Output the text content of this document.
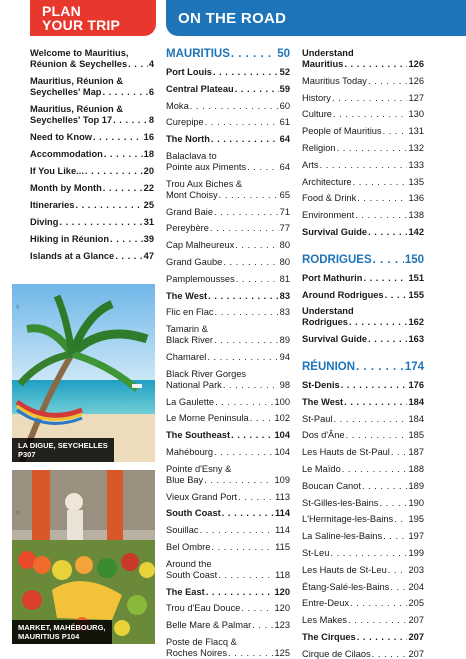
PLAN
YOUR TRIP	ON THE ROAD
Welcome to Mauritius,
Réunion & Seychelles . . . 4
Mauritius, Réunion &
Seychelles' Map . . .	6
Mauritius, Réunion &
Seychelles' Top 17 . . .	8
Need to Know . . .	16
Accommodation . . .	18
If You Like... . . .	20
Month by Month . . .	22
Itineraries . . .	25
Diving . . .	31
Hiking in Réunion . . .	39
Islands at a Glance . . .	47
©
LA DIGUE, SEYCHELLES
P307
©
MARKET, MAHÉBOURG,
MAURITIUS P104
MAURITIUS . . .	50
Port Louis . . .	52
Central Plateau . . .	59
Moka . . .	60
Curepipe . . .	61
The North . . .	64
Balaclava to
Pointe aux Piments . . .	64
Trou Aux Biches &
Mont Choisy . . .	65
Grand Baie . . .	71
Pereybère . . .	77
Cap Malheureux . . .	80
Grand Gaube . . .	80
Pamplemousses . . .	81
The West . . .	83
Flic en Flac . . .	83
Tamarin &
Black River . . .	89
Chamarel . . .	94
Black River Gorges
National Park . . .	98
La Gaulette . . .	100
Le Morne Peninsula . . .	102
The Southeast . . .	104
Mahébourg . . .	104
Pointe d'Esny &
Blue Bay . . .	109
Vieux Grand Port . . .	113
South Coast . . .	114
Souillac . . .	114
Bel Ombre . . .	115
Around the
South Coast . . .	118
The East . . .	120
Trou d'Eau Douce . . .	120
Belle Mare & Palmar . . . 123
Poste de Flacq &
Roches Noires . . .	125
Understand
Mauritius . . .	126
Mauritius Today . . .	126
History . . .	127
Culture . . .	130
People of Mauritius . . .	131
Religion . . .	132
Arts . . .	133
Architecture . . .	135
Food & Drink . . .	136
Environment . . .	138
Survival Guide . . .	142
RODRIGUES . . .	150
Port Mathurin . . .	151
Around Rodrigues . . .	155
Understand
Rodrigues . . .	162
Survival Guide . . .	163
RÉUNION . . .	174
St-Denis . . .	176
The West . . .	184
St-Paul . . .	184
Dos d'Âne . . .	185
Les Hauts de St-Paul . . . 187
Le Maïdo . . .	188
Boucan Canot . . .	189
St-Gilles-les-Bains . . .	190
L'Hermitage-les-Bains . . . 195
La Saline-les-Bains . . .	197
St-Leu . . .	199
Les Hauts de St-Leu . . . 203
Étang-Salé-les-Bains . . . 204
Entre-Deux . . .	205
Les Makes . . .	207
The Cirques . . .	207
Cirque de Cilaos . . .	207
